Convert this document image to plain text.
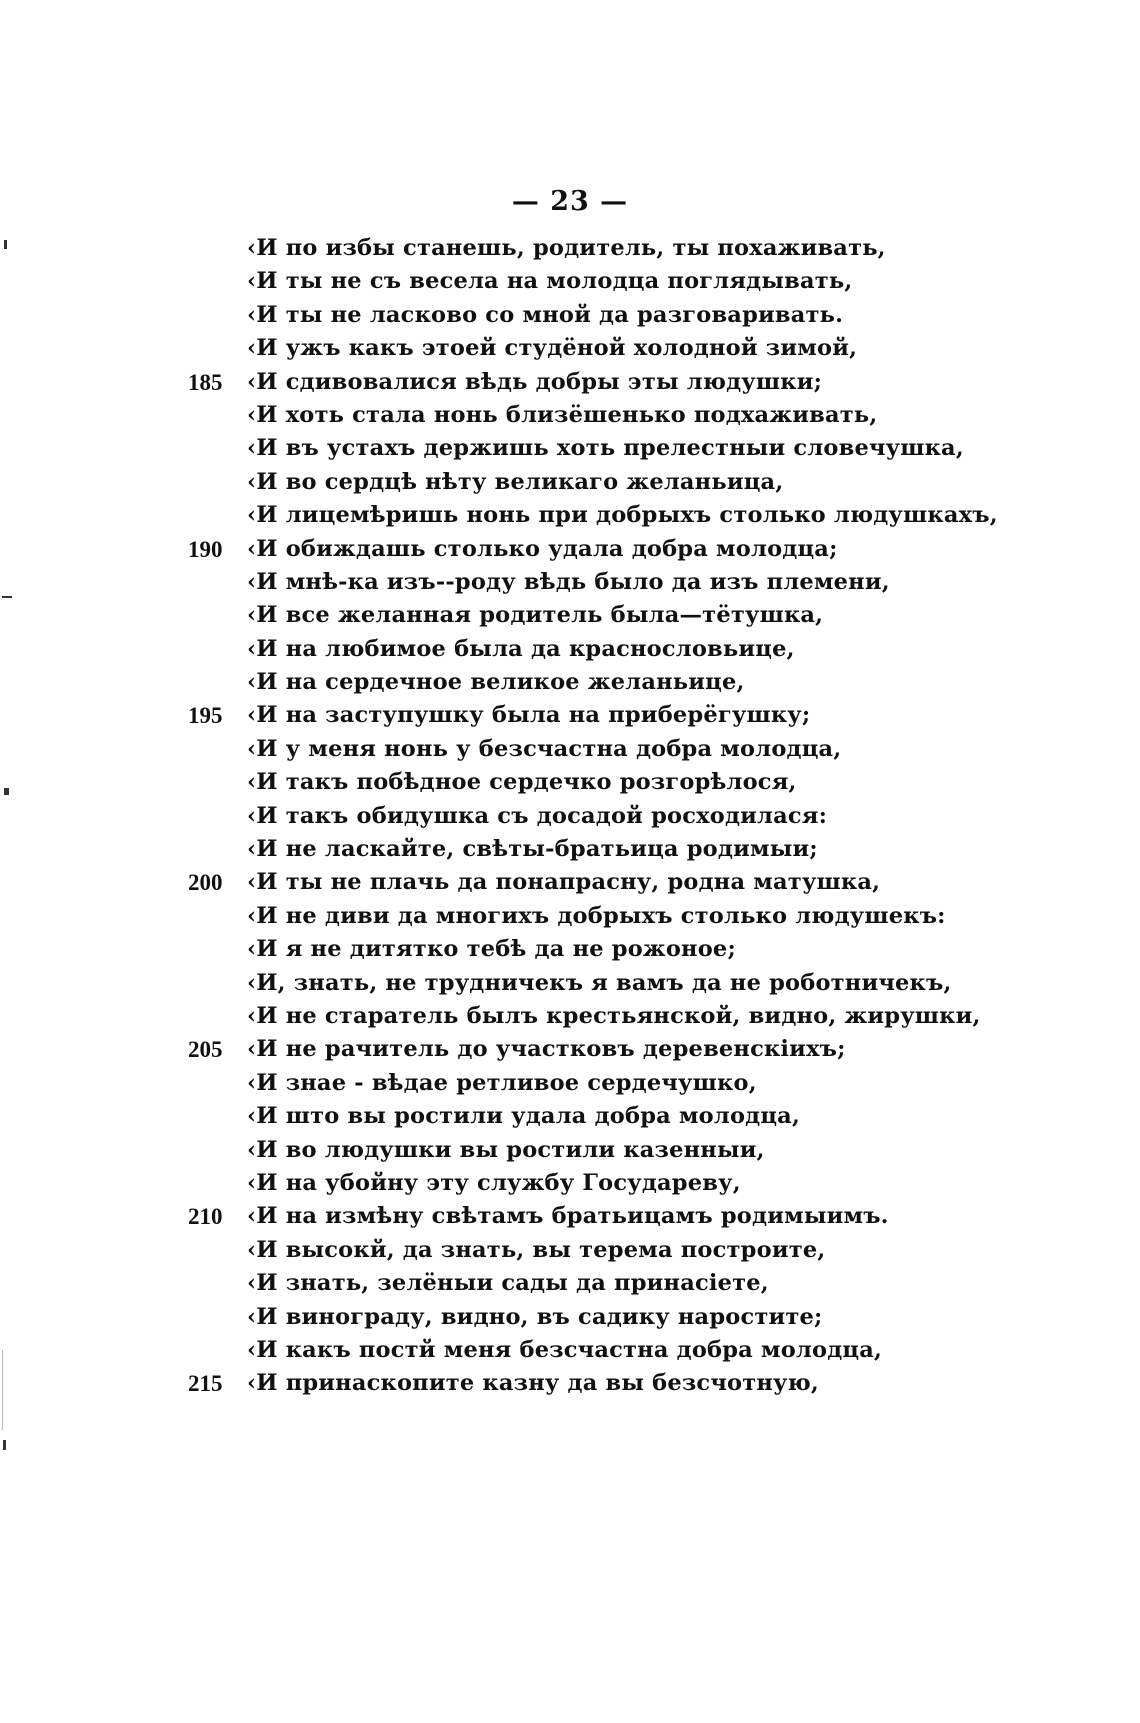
— 23 —
‹И по избы станешь, родитель, ты похаживать,
‹И ты не съ весела на молодца поглядывать,
‹И ты не ласково со мной да разговаривать.
‹И ужъ какъ этоей студёной холодной зимой,
185	‹И сдивовалися вѣдь добры эты людушки;
‹И хоть стала нонь близёшенько подхаживать,
‹И въ устахъ держишь хоть прелестныи словечушка,
‹И во сердцѣ нѣту великаго желаньица,
‹И лицемѣришь нонь при добрыхъ столько людушкахъ,
190	‹И обиждашь столько удала добра молодца;
‹И мнѣ-ка изъ--роду вѣдь было да изъ племени,
‹И все желанная родитель была—тётушка,
‹И на любимое была да краснословьице,
‹И на сердечное великое желаньице,
195	‹И на заступушку была на приберёгушку;
‹И у меня нонь у безсчастна добра молодца,
‹И такъ побѣдное сердечко розгорѣлося,
‹И такъ обидушка съ досадой росходилася:
‹И не ласкайте, свѣты-братьица родимыи;
200	‹И ты не плачь да понапрасну, родна матушка,
‹И не диви да многихъ добрыхъ столько людушекъ:
‹И я не дитятко тебѣ да не рожоное;
‹И, знать, не трудничекъ я вамъ да не роботничекъ,
‹И не старатель былъ крестьянской, видно, жирушки,
205	‹И не рачитель до участковъ деревенскіихъ;
‹И знае - вѣдае ретливое сердечушко,
‹И што вы ростили удала добра молодца,
‹И во людушки вы ростили казенныи,
‹И на убойну эту службу Государеву,
210	‹И на измѣну свѣтамъ братьицамъ родимыимъ.
‹И высокй, да знать, вы терема построите,
‹И знать, зелёныи сады да принасіете,
‹И винограду, видно, въ садику наростите;
‹И какъ постй меня безсчастна добра молодца,
215	‹И принаскопите казну да вы безсчотную,
